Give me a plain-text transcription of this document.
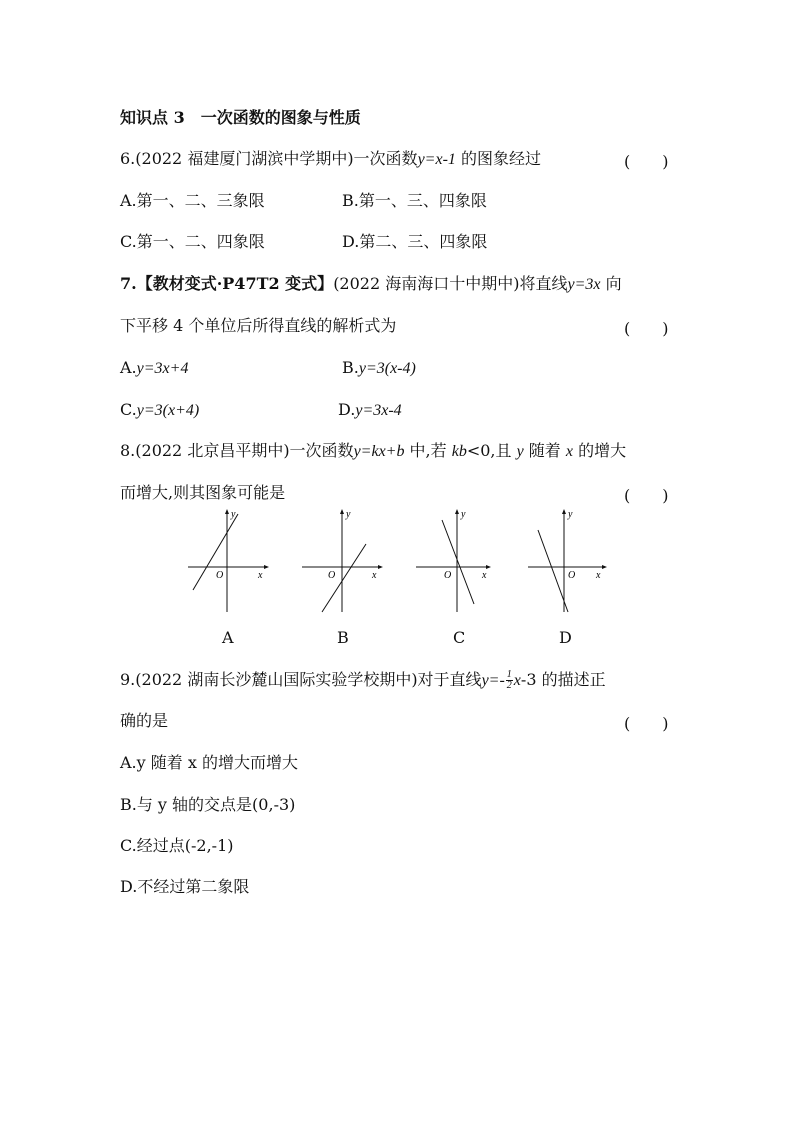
知识点 3　一次函数的图象与性质
6.(2022 福建厦门湖滨中学期中)一次函数y=x-1 的图象经过	(　　)
A.第一、二、三象限	B.第一、三、四象限
C.第一、二、四象限	D.第二、三、四象限
7.【教材变式·P47T2 变式】(2022 海南海口十中期中)将直线y=3x 向
下平移 4 个单位后所得直线的解析式为	(　　)
A.y=3x+4	B.y=3(x-4)
C.y=3(x+4)	D.y=3x-4
8.(2022 北京昌平期中)一次函数y=kx+b 中,若 kb<0,且 y 随着 x 的增大
而增大,则其图象可能是	(　　)
y
x
O
A
y
x
O
B
y
x
O
C
y
x
O
D
9.(2022 湖南长沙麓山国际实验学校期中)对于直线$y=- \frac{1}{2} x-3$ 的描述正
确的是	(　　)
A.y 随着 x 的增大而增大
B.与 y 轴的交点是(0,-3)
C.经过点(-2,-1)
D.不经过第二象限
